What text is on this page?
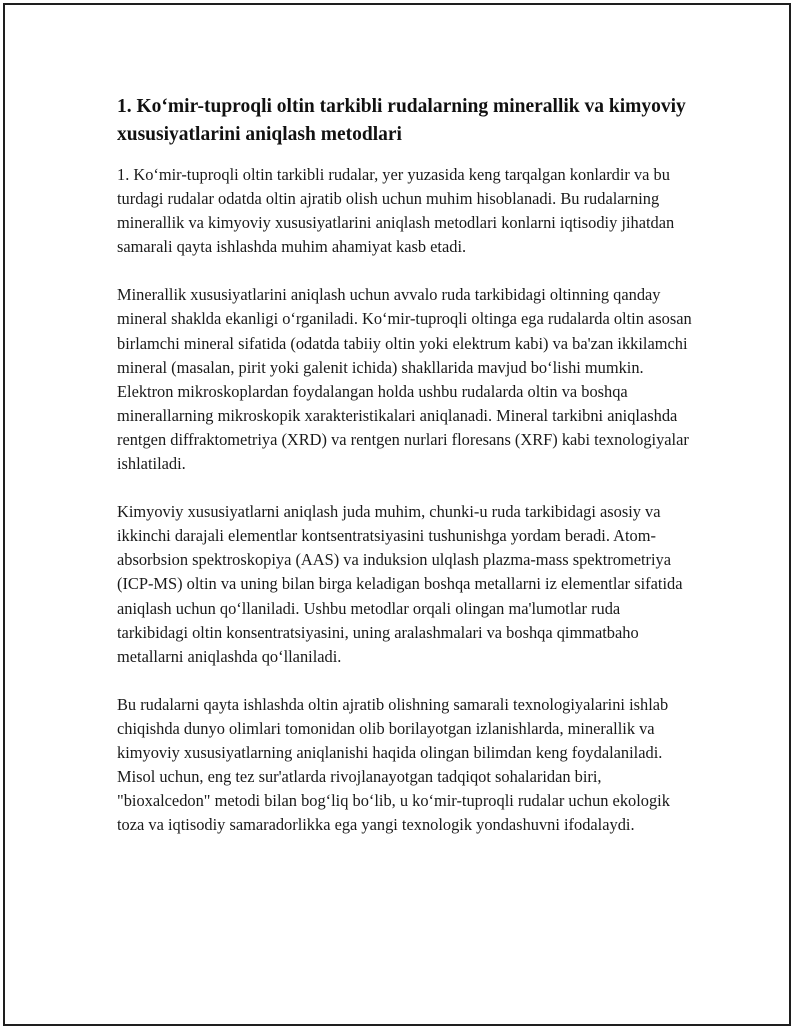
1. Ko‘mir-tuproqli oltin tarkibli rudalarning minerallik va kimyoviy xususiyatlarini aniqlash metodlari

1. Ko‘mir-tuproqli oltin tarkibli rudalar, yer yuzasida keng tarqalgan konlardir va bu turdagi rudalar odatda oltin ajratib olish uchun muhim hisoblanadi. Bu rudalarning minerallik va kimyoviy xususiyatlarini aniqlash metodlari konlarni iqtisodiy jihatdan samarali qayta ishlashda muhim ahamiyat kasb etadi.

Minerallik xususiyatlarini aniqlash uchun avvalo ruda tarkibidagi oltinning qanday mineral shaklda ekanligi o‘rganiladi. Ko‘mir-tuproqli oltinga ega rudalarda oltin asosan birlamchi mineral sifatida (odatda tabiiy oltin yoki elektrum kabi) va ba'zan ikkilamchi mineral (masalan, pirit yoki galenit ichida) shakllarida mavjud bo‘lishi mumkin. Elektron mikroskoplardan foydalangan holda ushbu rudalarda oltin va boshqa minerallarning mikroskopik xarakteristikalari aniqlanadi. Mineral tarkibni aniqlashda rentgen diffraktometriya (XRD) va rentgen nurlari floresans (XRF) kabi texnologiyalar ishlatiladi.

Kimyoviy xususiyatlarni aniqlash juda muhim, chunki-u ruda tarkibidagi asosiy va ikkinchi darajali elementlar kontsentratsiyasini tushunishga yordam beradi. Atom-absorbsion spektroskopiya (AAS) va induksion ulqlash plazma-mass spektrometriya (ICP-MS) oltin va uning bilan birga keladigan boshqa metallarni iz elementlar sifatida aniqlash uchun qo‘llaniladi. Ushbu metodlar orqali olingan ma'lumotlar ruda tarkibidagi oltin konsentratsiyasini, uning aralashmalari va boshqa qimmatbaho metallarni aniqlashda qo‘llaniladi.

Bu rudalarni qayta ishlashda oltin ajratib olishning samarali texnologiyalarini ishlab chiqishda dunyo olimlari tomonidan olib borilayotgan izlanishlarda, minerallik va kimyoviy xususiyatlarning aniqlanishi haqida olingan bilimdan keng foydalaniladi. Misol uchun, eng tez sur'atlarda rivojlanayotgan tadqiqot sohalaridan biri, "bioxalcedon" metodi bilan bog‘liq bo‘lib, u ko‘mir-tuproqli rudalar uchun ekologik toza va iqtisodiy samaradorlikka ega yangi texnologik yondashuvni ifodalaydi.
